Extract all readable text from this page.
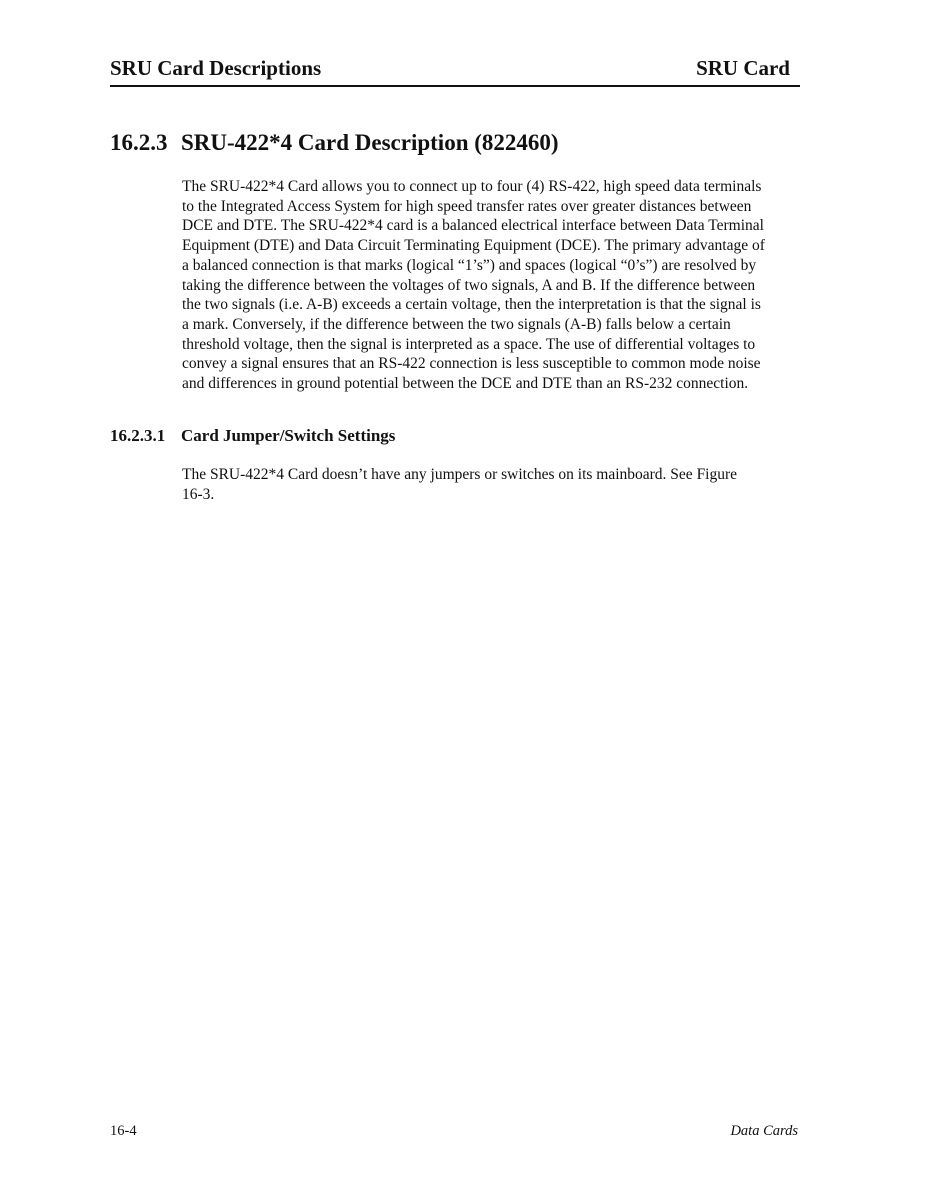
SRU Card Descriptions	SRU Card
16.2.3 SRU-422*4 Card Description (822460)

The SRU-422*4 Card allows you to connect up to four (4) RS-422, high speed data terminals
to the Integrated Access System for high speed transfer rates over greater distances between
DCE and DTE. The SRU-422*4 card is a balanced electrical interface between Data Terminal
Equipment (DTE) and Data Circuit Terminating Equipment (DCE). The primary advantage of
a balanced connection is that marks (logical “1’s”) and spaces (logical “0’s”) are resolved by
taking the difference between the voltages of two signals, A and B. If the difference between
the two signals (i.e. A-B) exceeds a certain voltage, then the interpretation is that the signal is
a mark. Conversely, if the difference between the two signals (A-B) falls below a certain
threshold voltage, then the signal is interpreted as a space. The use of differential voltages to
convey a signal ensures that an RS-422 connection is less susceptible to common mode noise
and differences in ground potential between the DCE and DTE than an RS-232 connection.

16.2.3.1 Card Jumper/Switch Settings

The SRU-422*4 Card doesn’t have any jumpers or switches on its mainboard. See Figure
16-3.

16-4	Data Cards
